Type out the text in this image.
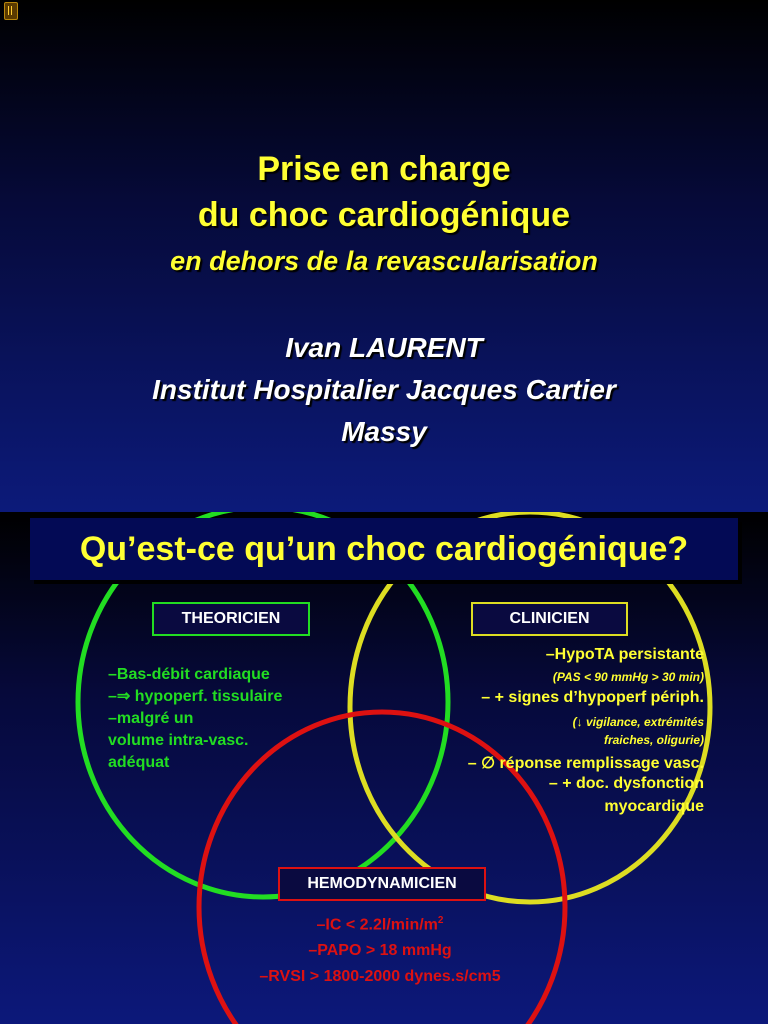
Prise en charge
du choc cardiogénique
en dehors de la revascularisation
Ivan LAURENT
Institut Hospitalier Jacques Cartier
Massy
Qu’est-ce qu’un choc cardiogénique?
THEORICIEN	CLINICIEN
–Bas-débit cardiaque
–⇒ hypoperf. tissulaire
–malgré un
volume intra-vasc.
adéquat
–HypoTA persistante
(PAS < 90 mmHg > 30 min)
– + signes d’hypoperf périph.
(↓ vigilance, extrémités
fraiches, oligurie)
– ∅ réponse remplissage vasc.
– + doc. dysfonction
myocardique
HEMODYNAMICIEN
$-IC < 2.2l/\min/m^2$
–PAPO > 18 mmHg
–RVSI > 1800-2000 dynes.s/cm5
